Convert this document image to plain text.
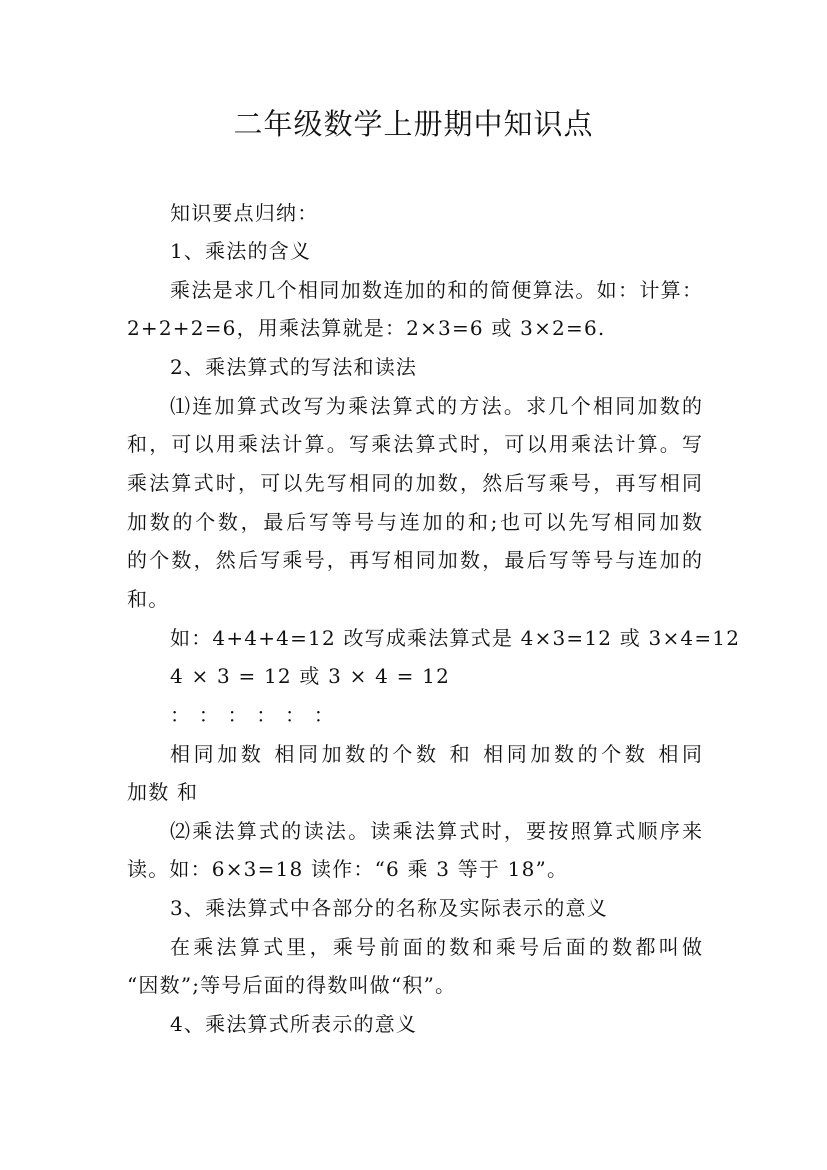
二年级数学上册期中知识点
知识要点归纳：
1、乘法的含义
乘法是求几个相同加数连加的和的简便算法。如：计算：
2+2+2=6，用乘法算就是：2×3=6 或 3×2=6.
2、乘法算式的写法和读法
⑴连加算式改写为乘法算式的方法。求几个相同加数的
和，可以用乘法计算。写乘法算式时，可以用乘法计算。写
乘法算式时，可以先写相同的加数，然后写乘号，再写相同
加数的个数，最后写等号与连加的和;也可以先写相同加数
的个数，然后写乘号，再写相同加数，最后写等号与连加的
和。
如：4+4+4=12 改写成乘法算式是 4×3=12 或 3×4=12
4 × 3 = 12 或 3 × 4 = 12
： ： ： ： ： ：
相同加数 相同加数的个数 和 相同加数的个数 相同
加数 和
⑵乘法算式的读法。读乘法算式时，要按照算式顺序来
读。如：6×3=18 读作：“6 乘 3 等于 18”。
3、乘法算式中各部分的名称及实际表示的意义
在乘法算式里，乘号前面的数和乘号后面的数都叫做
“因数”;等号后面的得数叫做“积”。
4、乘法算式所表示的意义
